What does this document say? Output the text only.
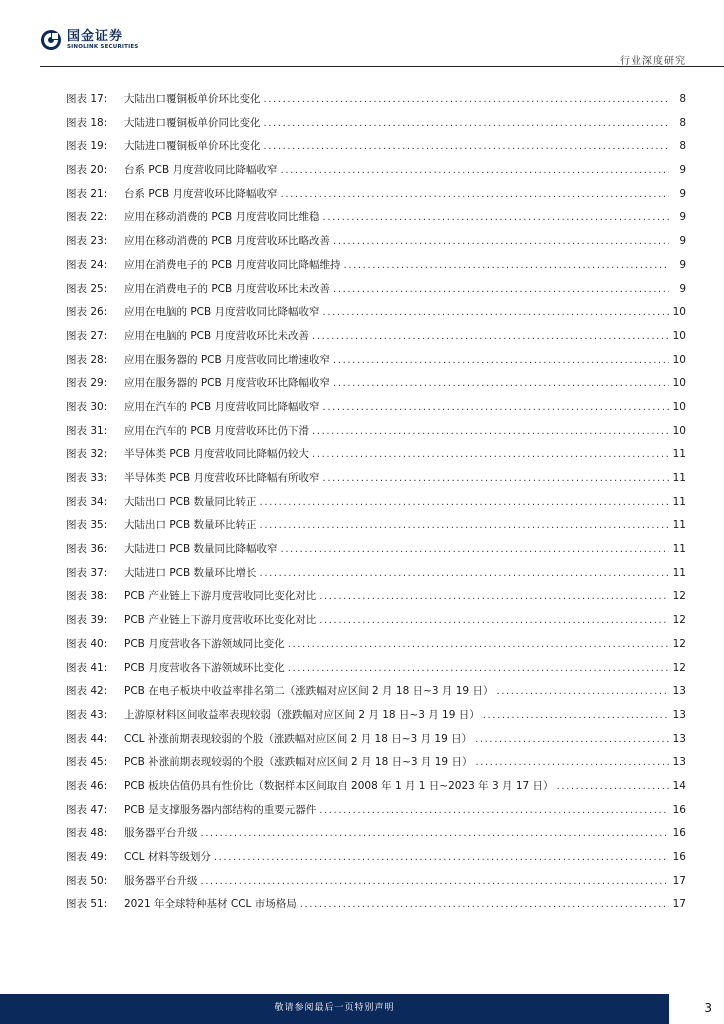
国金证券
SINOLINK SECURITIES
行业深度研究
图表 17:	大陆出口覆铜板单价环比变化 .....	8
图表 18:	大陆进口覆铜板单价同比变化 .....	8
图表 19:	大陆进口覆铜板单价环比变化 .....	8
图表 20:	台系 PCB 月度营收同比降幅收窄 .....	9
图表 21:	台系 PCB 月度营收环比降幅收窄 .....	9
图表 22:	应用在移动消费的 PCB 月度营收同比维稳 .....	9
图表 23:	应用在移动消费的 PCB 月度营收环比略改善 .....	9
图表 24:	应用在消费电子的 PCB 月度营收同比降幅维持 .....	9
图表 25:	应用在消费电子的 PCB 月度营收环比未改善 .....	9
图表 26:	应用在电脑的 PCB 月度营收同比降幅收窄 .....	10
图表 27:	应用在电脑的 PCB 月度营收环比未改善 .....	10
图表 28:	应用在服务器的 PCB 月度营收同比增速收窄 .....	10
图表 29:	应用在服务器的 PCB 月度营收环比降幅收窄 .....	10
图表 30:	应用在汽车的 PCB 月度营收同比降幅收窄 .....	10
图表 31:	应用在汽车的 PCB 月度营收环比仍下滑 .....	10
图表 32:	半导体类 PCB 月度营收同比降幅仍较大 .....	11
图表 33:	半导体类 PCB 月度营收环比降幅有所收窄 .....	11
图表 34:	大陆出口 PCB 数量同比转正 .....	11
图表 35:	大陆出口 PCB 数量环比转正 .....	11
图表 36:	大陆进口 PCB 数量同比降幅收窄 .....	11
图表 37:	大陆进口 PCB 数量环比增长 .....	11
图表 38:	PCB 产业链上下游月度营收同比变化对比 .....	12
图表 39:	PCB 产业链上下游月度营收环比变化对比 .....	12
图表 40:	PCB 月度营收各下游领域同比变化 .....	12
图表 41:	PCB 月度营收各下游领域环比变化 .....	12
图表 42:	PCB 在电子板块中收益率排名第二（涨跌幅对应区间 2 月 18 日~3 月 19 日） .....	13
图表 43:	上游原材料区间收益率表现较弱（涨跌幅对应区间 2 月 18 日~3 月 19 日） .....	13
图表 44:	CCL 补涨前期表现较弱的个股（涨跌幅对应区间 2 月 18 日~3 月 19 日） .....	13
图表 45:	PCB 补涨前期表现较弱的个股（涨跌幅对应区间 2 月 18 日~3 月 19 日） .....	13
图表 46:	PCB 板块估值仍具有性价比（数据样本区间取自 2008 年 1 月 1 日~2023 年 3 月 17 日） .....	14
图表 47:	PCB 是支撑服务器内部结构的重要元器件 .....	16
图表 48:	服务器平台升级 .....	16
图表 49:	CCL 材料等级划分 .....	16
图表 50:	服务器平台升级 .....	17
图表 51:	2021 年全球特种基材 CCL 市场格局 .....	17
敬请参阅最后一页特别声明	3
